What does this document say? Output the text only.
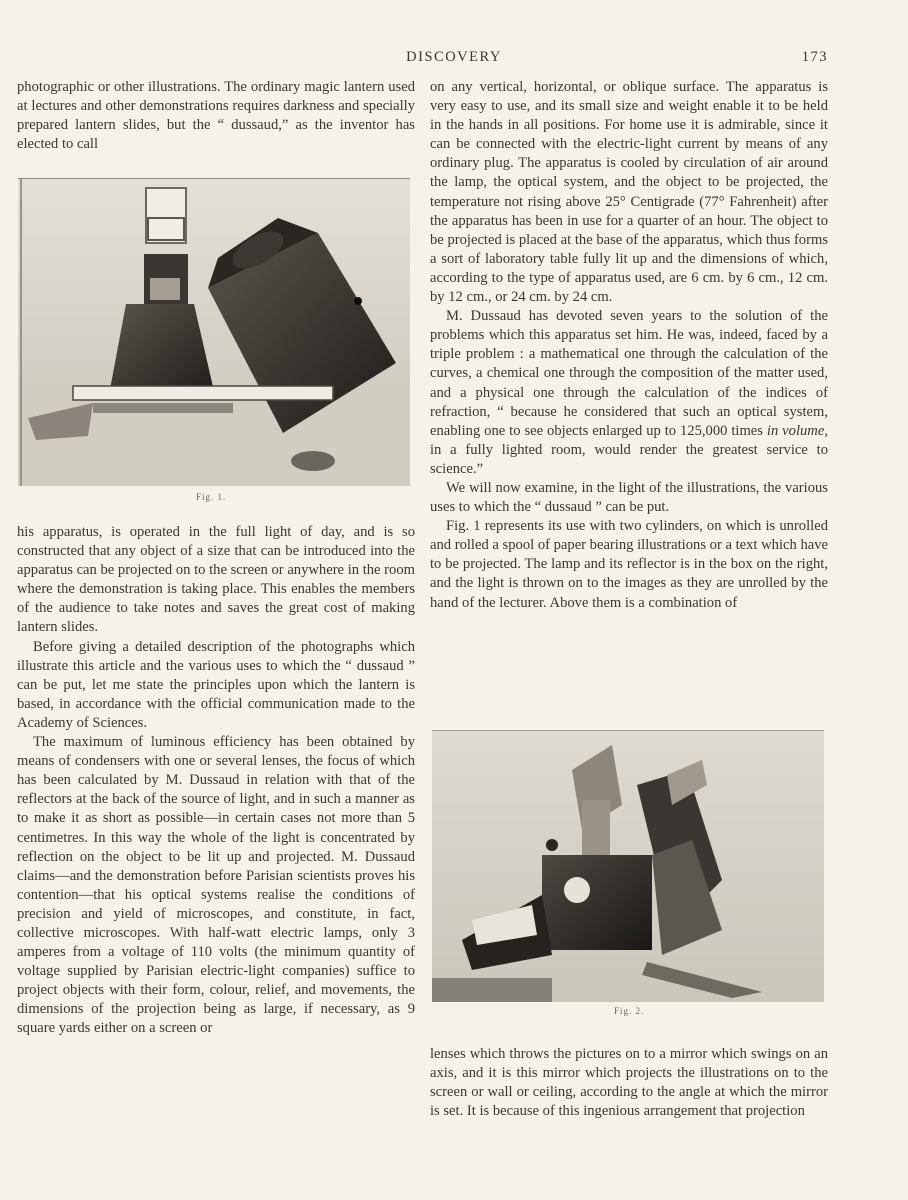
DISCOVERY	173

photographic or other illustrations. The ordinary magic lantern used at lectures and other demonstrations requires darkness and specially prepared lantern slides, but the “ dussaud,” as the inventor has elected to call

Fig. 1.

his apparatus, is operated in the full light of day, and is so constructed that any object of a size that can be introduced into the apparatus can be projected on to the screen or anywhere in the room where the demonstration is taking place. This enables the members of the audience to take notes and saves the great cost of making lantern slides.

Before giving a detailed description of the photographs which illustrate this article and the various uses to which the “ dussaud ” can be put, let me state the principles upon which the lantern is based, in accordance with the official communication made to the Academy of Sciences.

The maximum of luminous efficiency has been obtained by means of condensers with one or several lenses, the focus of which has been calculated by M. Dussaud in relation with that of the reflectors at the back of the source of light, and in such a manner as to make it as short as possible—in certain cases not more than 5 centimetres. In this way the whole of the light is concentrated by reflection on the object to be lit up and projected. M. Dussaud claims—and the demonstration before Parisian scientists proves his contention—that his optical systems realise the conditions of precision and yield of microscopes, and constitute, in fact, collective microscopes. With half-watt electric lamps, only 3 amperes from a voltage of 110 volts (the minimum quantity of voltage supplied by Parisian electric-light companies) suffice to project objects with their form, colour, relief, and movements, the dimensions of the projection being as large, if necessary, as 9 square yards either on a screen or

on any vertical, horizontal, or oblique surface. The apparatus is very easy to use, and its small size and weight enable it to be held in the hands in all positions. For home use it is admirable, since it can be connected with the electric-light current by means of any ordinary plug. The apparatus is cooled by circulation of air around the lamp, the optical system, and the object to be projected, the temperature not rising above 25° Centigrade (77° Fahrenheit) after the apparatus has been in use for a quarter of an hour. The object to be projected is placed at the base of the apparatus, which thus forms a sort of laboratory table fully lit up and the dimensions of which, according to the type of apparatus used, are 6 cm. by 6 cm., 12 cm. by 12 cm., or 24 cm. by 24 cm.

M. Dussaud has devoted seven years to the solution of the problems which this apparatus set him. He was, indeed, faced by a triple problem : a mathematical one through the calculation of the curves, a chemical one through the composition of the matter used, and a physical one through the calculation of the indices of refraction, “ because he considered that such an optical system, enabling one to see objects enlarged up to 125,000 times in volume, in a fully lighted room, would render the greatest service to science.”

We will now examine, in the light of the illustrations, the various uses to which the “ dussaud ” can be put.

Fig. 1 represents its use with two cylinders, on which is unrolled and rolled a spool of paper bearing illustrations or a text which have to be projected. The lamp and its reflector is in the box on the right, and the light is thrown on to the images as they are unrolled by the hand of the lecturer. Above them is a combination of

Fig. 2.

lenses which throws the pictures on to a mirror which swings on an axis, and it is this mirror which projects the illustrations on to the screen or wall or ceiling, according to the angle at which the mirror is set. It is because of this ingenious arrangement that projection
